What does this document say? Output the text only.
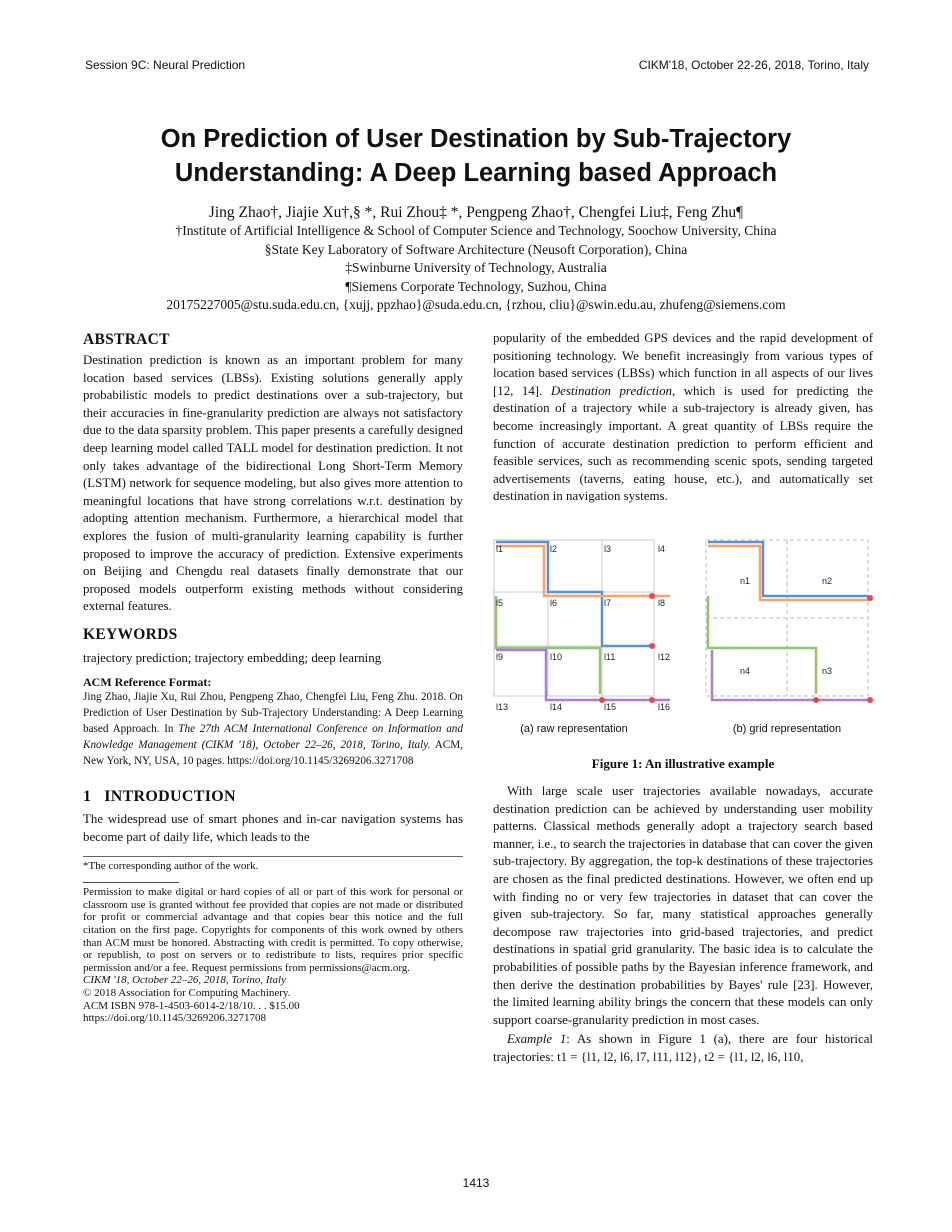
Session 9C: Neural Prediction	CIKM'18, October 22-26, 2018, Torino, Italy
On Prediction of User Destination by Sub-Trajectory
Understanding: A Deep Learning based Approach
Jing Zhao†, Jiajie Xu†,§ *, Rui Zhou‡ *, Pengpeng Zhao†, Chengfei Liu‡, Feng Zhu¶
†Institute of Artificial Intelligence & School of Computer Science and Technology, Soochow University, China
§State Key Laboratory of Software Architecture (Neusoft Corporation), China
‡Swinburne University of Technology, Australia
¶Siemens Corporate Technology, Suzhou, China
20175227005@stu.suda.edu.cn, {xujj, ppzhao}@suda.edu.cn, {rzhou, cliu}@swin.edu.au, zhufeng@siemens.com
ABSTRACT

Destination prediction is known as an important problem for many location based services (LBSs). Existing solutions generally apply probabilistic models to predict destinations over a sub-trajectory, but their accuracies in fine-granularity prediction are always not satisfactory due to the data sparsity problem. This paper presents a carefully designed deep learning model called TALL model for destination prediction. It not only takes advantage of the bidirectional Long Short-Term Memory (LSTM) network for sequence modeling, but also gives more attention to meaningful locations that have strong correlations w.r.t. destination by adopting attention mechanism. Furthermore, a hierarchical model that explores the fusion of multi-granularity learning capability is further proposed to improve the accuracy of prediction. Extensive experiments on Beijing and Chengdu real datasets finally demonstrate that our proposed models outperform existing methods without considering external features.

KEYWORDS

trajectory prediction; trajectory embedding; deep learning

ACM Reference Format:

Jing Zhao, Jiajie Xu, Rui Zhou, Pengpeng Zhao, Chengfei Liu, Feng Zhu. 2018. On Prediction of User Destination by Sub-Trajectory Understanding: A Deep Learning based Approach. In The 27th ACM International Conference on Information and Knowledge Management (CIKM '18), October 22–26, 2018, Torino, Italy. ACM, New York, NY, USA, 10 pages. https://doi.org/10.1145/3269206.3271708

1   INTRODUCTION

The widespread use of smart phones and in-car navigation systems has become part of daily life, which leads to the

*The corresponding author of the work.

Permission to make digital or hard copies of all or part of this work for personal or classroom use is granted without fee provided that copies are not made or distributed for profit or commercial advantage and that copies bear this notice and the full citation on the first page. Copyrights for components of this work owned by others than ACM must be honored. Abstracting with credit is permitted. To copy otherwise, or republish, to post on servers or to redistribute to lists, requires prior specific permission and/or a fee. Request permissions from permissions@acm.org.

CIKM '18, October 22–26, 2018, Torino, Italy
© 2018 Association for Computing Machinery.
ACM ISBN 978-1-4503-6014-2/18/10. . . $15.00
https://doi.org/10.1145/3269206.3271708

popularity of the embedded GPS devices and the rapid development of positioning technology. We benefit increasingly from various types of location based services (LBSs) which function in all aspects of our lives [12, 14]. Destination prediction, which is used for predicting the destination of a trajectory while a sub-trajectory is already given, has become increasingly important. A great quantity of LBSs require the function of accurate destination prediction to perform efficient and feasible services, such as recommending scenic spots, sending targeted advertisements (taverns, eating house, etc.), and automatically set destination in navigation systems.

l1	l2	l3	l4
l5	l6	l7	l8
l9	l10	l11	l12
l13	l14	l15	l16
n1	n2
n4	n3
(a) raw representation	(b) grid representation
Figure 1: An illustrative example

With large scale user trajectories available nowadays, accurate destination prediction can be achieved by understanding user mobility patterns. Classical methods generally adopt a trajectory search based manner, i.e., to search the trajectories in database that can cover the given sub-trajectory. By aggregation, the top-k destinations of these trajectories are chosen as the final predicted destinations. However, we often end up with finding no or very few trajectories in dataset that can cover the given sub-trajectory. So far, many statistical approaches generally decompose raw trajectories into grid-based trajectories, and predict destinations in spatial grid granularity. The basic idea is to calculate the probabilities of possible paths by the Bayesian inference framework, and then derive the destination probabilities by Bayes' rule [23]. However, the limited learning ability brings the concern that these models can only support coarse-granularity prediction in most cases.

Example 1: As shown in Figure 1 (a), there are four historical trajectories: t1 = {l1, l2, l6, l7, l11, l12}, t2 = {l1, l2, l6, l10,

1413
